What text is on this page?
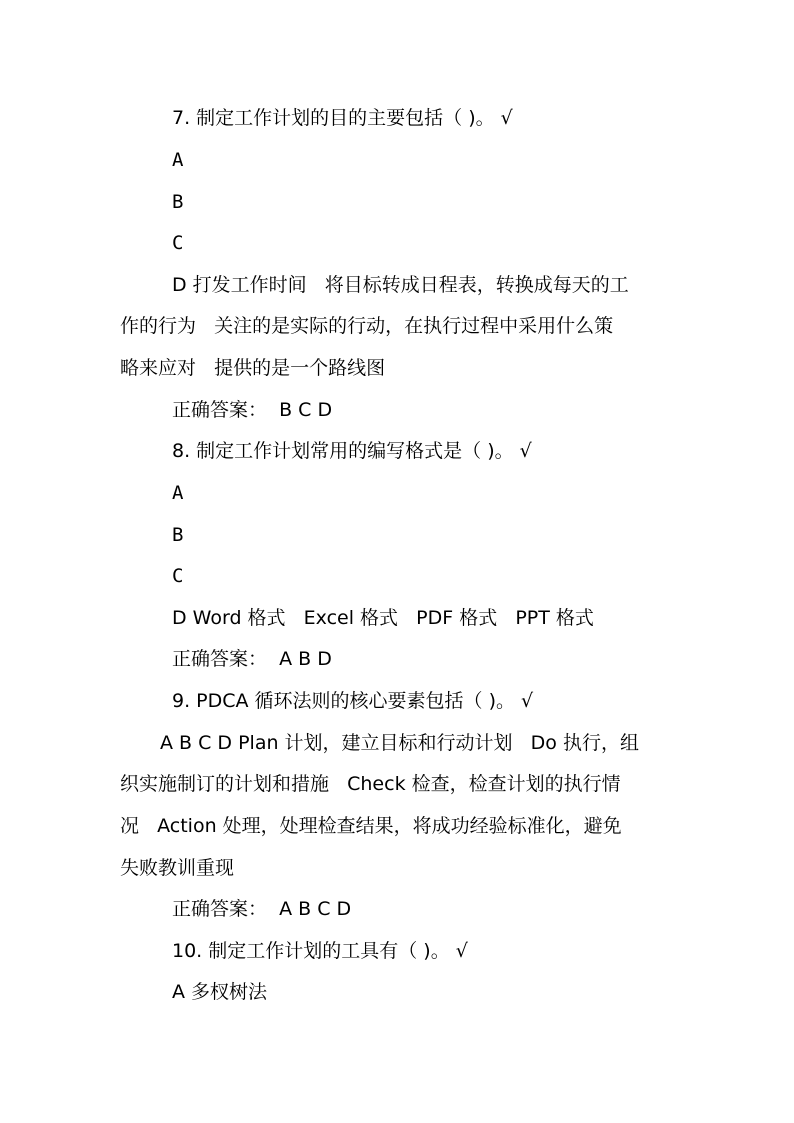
7. 制定工作计划的目的主要包括（ )。 √
A
B
C
D 打发工作时间   将目标转成日程表，转换成每天的工
作的行为   关注的是实际的行动，在执行过程中采用什么策
略来应对   提供的是一个路线图
正确答案：  B C D
8. 制定工作计划常用的编写格式是（ )。 √
A
B
C
D Word 格式   Excel 格式   PDF 格式   PPT 格式
正确答案：  A B D
9. PDCA 循环法则的核心要素包括（ )。 √
A B C D Plan 计划，建立目标和行动计划   Do 执行，组
织实施制订的计划和措施   Check 检查，检查计划的执行情
况   Action 处理，处理检查结果，将成功经验标准化，避免
失败教训重现
正确答案：  A B C D
10. 制定工作计划的工具有（ )。 √
A 多杈树法
